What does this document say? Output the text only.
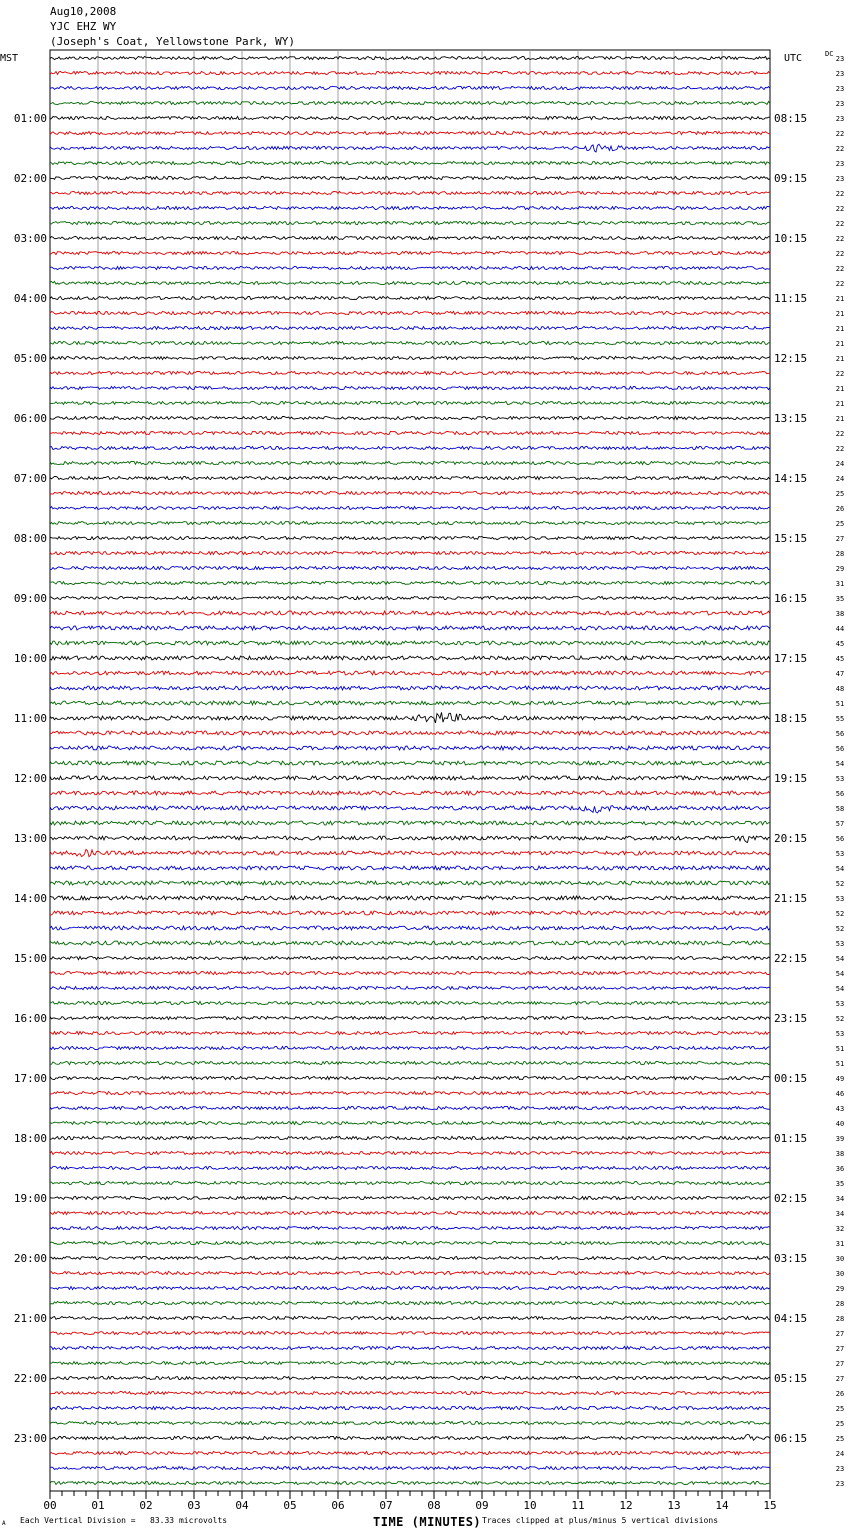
Aug10,2008
YJC EHZ WY
(Joseph's Coat, Yellowstone Park, WY)
23
23
23
23
23
22
22
23
23
22
22
22
22
22
22
22
21
21
21
21
21
22
21
21
21
22
22
24
24
25
26
25
27
28
29
31
35
38
44
45
45
47
48
51
55
56
56
54
53
56
58
57
56
53
54
52
53
52
52
53
54
54
54
53
52
53
51
51
49
46
43
40
39
38
36
35
34
34
32
31
30
30
29
28
28
27
27
27
27
26
25
25
25
24
23
23
MST	UTC	DC
01:00
02:00
03:00
04:00
05:00
06:00
07:00
08:00
09:00
10:00
11:00
12:00
13:00
14:00
15:00
16:00
17:00
18:00
19:00
20:00
21:00
22:00
23:00
08:15
09:15
10:15
11:15
12:15
13:15
14:15
15:15
16:15
17:15
18:15
19:15
20:15
21:15
22:15
23:15
00:15
01:15
02:15
03:15
04:15
05:15
06:15
00	01	02	03	04	05	06	07	08	09	10	11	12	13	14	15
A Each Vertical Division =   83.33 microvolts	TIME (MINUTES) Traces clipped at plus/minus 5 vertical divisions
